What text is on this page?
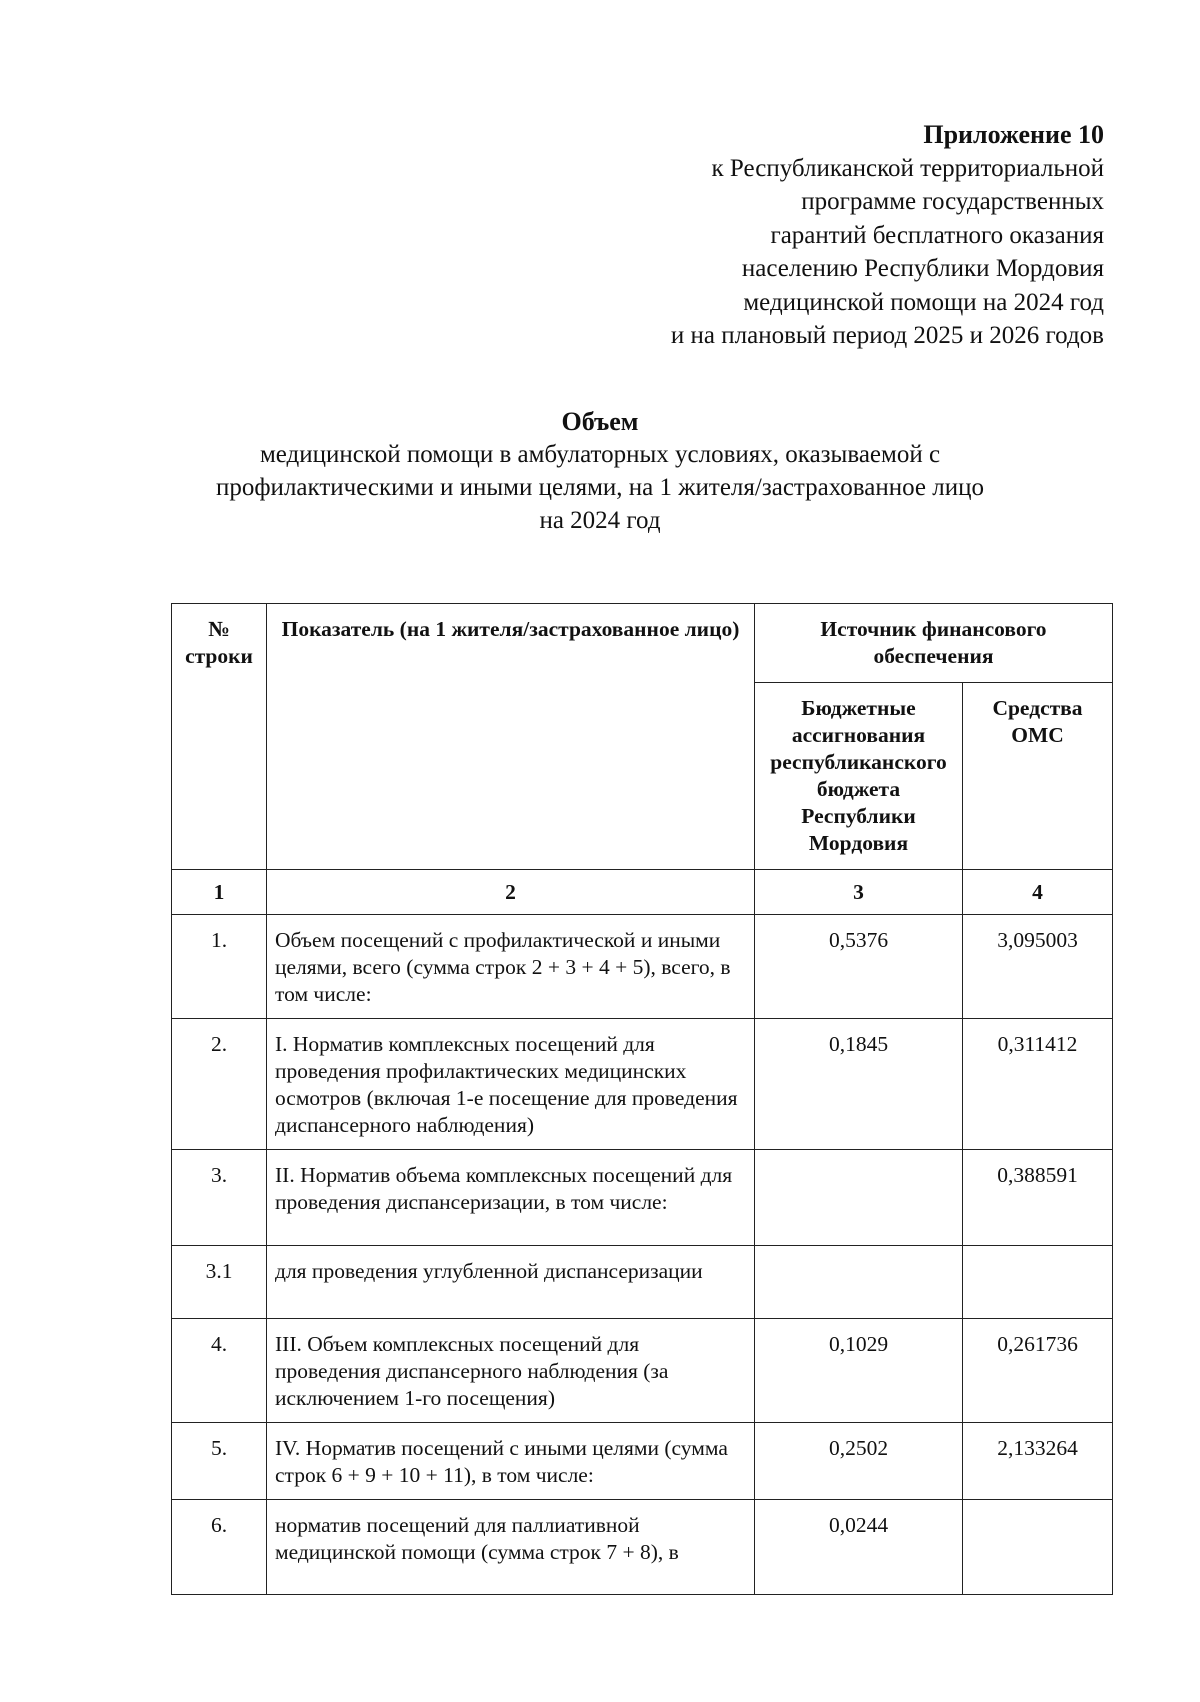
Приложение 10
к Республиканской территориальной
программе государственных
гарантий бесплатного оказания
населению Республики Мордовия
медицинской помощи на 2024 год
и на плановый период 2025 и 2026 годов
Объем
медицинской помощи в амбулаторных условиях, оказываемой с
профилактическими и иными целями, на 1 жителя/застрахованное лицо
на 2024 год
№ строки	Показатель (на 1 жителя/застрахованное лицо)	Источник финансового обеспечения	
		Бюджетные ассигнования республиканского бюджета Республики Мордовия	Средства ОМС
1	2	3	4
1.	Объем посещений с профилактической и иными целями, всего (сумма строк 2 + 3 + 4 + 5), всего, в том числе:	0,5376	3,095003
2.	I. Норматив комплексных посещений для проведения профилактических медицинских осмотров (включая 1-е посещение для проведения диспансерного наблюдения)	0,1845	0,311412
3.	II. Норматив объема комплексных посещений для проведения диспансеризации, в том числе:		0,388591
3.1	для проведения углубленной диспансеризации		
4.	III. Объем комплексных посещений для проведения диспансерного наблюдения (за исключением 1-го посещения)	0,1029	0,261736
5.	IV. Норматив посещений с иными целями (сумма строк 6 + 9 + 10 + 11), в том числе:	0,2502	2,133264

6.	норматив посещений для паллиативной медицинской помощи (сумма строк 7 + 8), в	0,0244	
